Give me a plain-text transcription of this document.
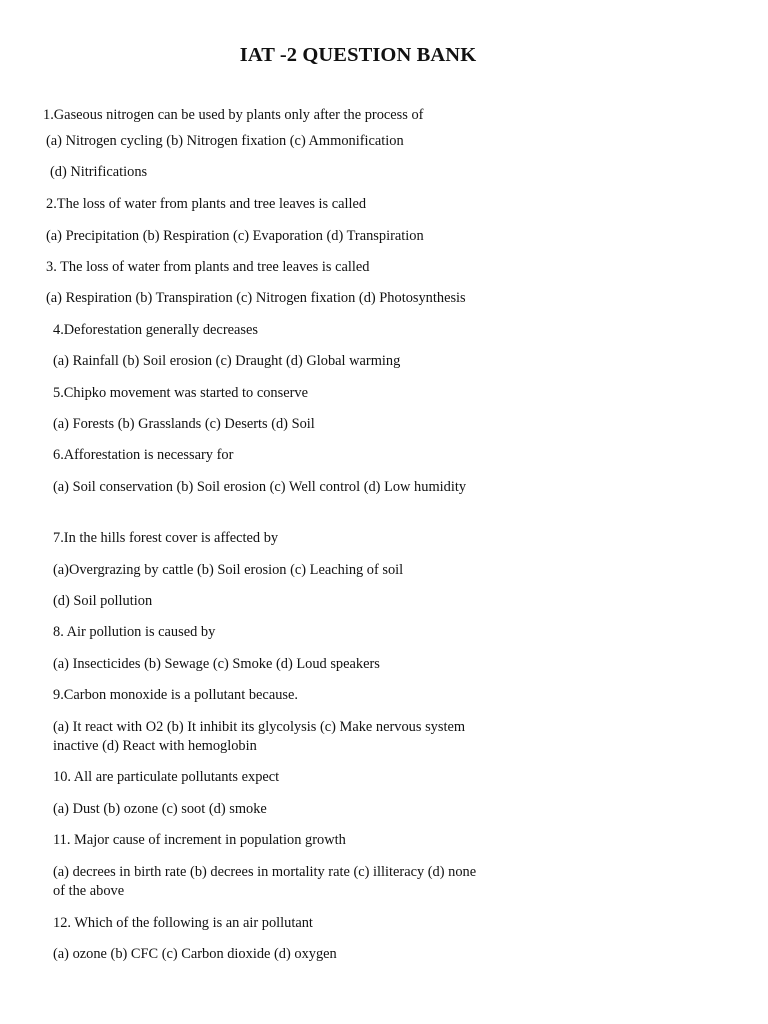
IAT -2 QUESTION BANK
1.Gaseous nitrogen can be used by plants only after the process of
(a) Nitrogen cycling (b) Nitrogen fixation (c) Ammonification
(d) Nitrifications
2.The loss of water from plants and tree leaves is called
(a) Precipitation (b) Respiration (c) Evaporation (d) Transpiration
3. The loss of water from plants and tree leaves is called
(a) Respiration (b) Transpiration (c) Nitrogen fixation (d) Photosynthesis
4.Deforestation generally decreases
(a) Rainfall (b) Soil erosion (c) Draught (d) Global warming
5.Chipko movement was started to conserve
(a) Forests (b) Grasslands (c) Deserts (d) Soil
6.Afforestation is necessary for
(a) Soil conservation (b) Soil erosion (c) Well control (d) Low humidity
7.In the hills forest cover is affected by
(a)Overgrazing by cattle (b) Soil erosion (c) Leaching of soil
(d) Soil pollution
8. Air pollution is caused by
(a) Insecticides (b) Sewage (c) Smoke (d) Loud speakers
9.Carbon monoxide is a pollutant because.
(a) It react with O2 (b) It inhibit its glycolysis (c) Make nervous system inactive (d) React with hemoglobin
10. All are particulate pollutants expect
(a) Dust (b) ozone (c) soot (d) smoke
11. Major cause of increment in population growth
(a) decrees in birth rate (b) decrees in mortality rate (c) illiteracy (d) none of the above
12. Which of the following is an air pollutant
(a) ozone (b) CFC (c) Carbon dioxide (d) oxygen
